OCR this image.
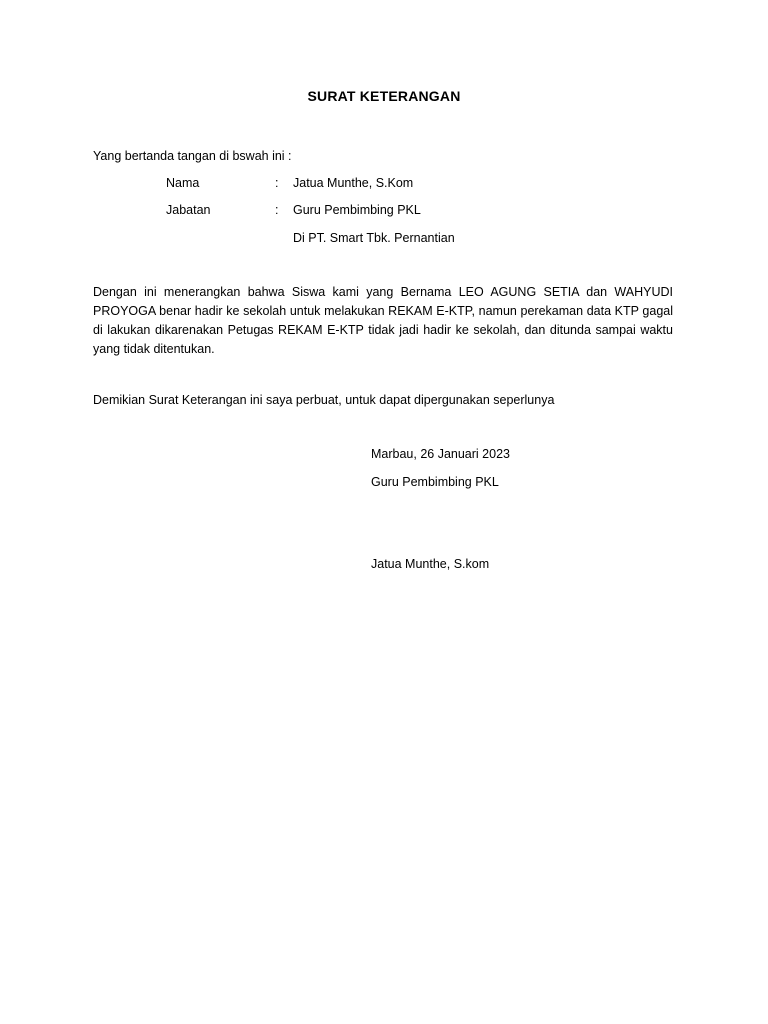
SURAT KETERANGAN
Yang bertanda tangan di bswah ini :
Nama	: Jatua Munthe, S.Kom
Jabatan	: Guru Pembimbing PKL
Di PT. Smart Tbk. Pernantian
Dengan ini menerangkan bahwa Siswa kami yang Bernama LEO AGUNG SETIA dan WAHYUDI PROYOGA benar hadir ke sekolah untuk melakukan REKAM E-KTP, namun perekaman data KTP gagal di lakukan dikarenakan Petugas REKAM E-KTP tidak jadi hadir ke sekolah, dan ditunda sampai waktu yang tidak ditentukan.
Demikian Surat Keterangan ini saya perbuat, untuk dapat dipergunakan seperlunya
Marbau, 26 Januari 2023
Guru Pembimbing PKL
Jatua Munthe, S.kom
